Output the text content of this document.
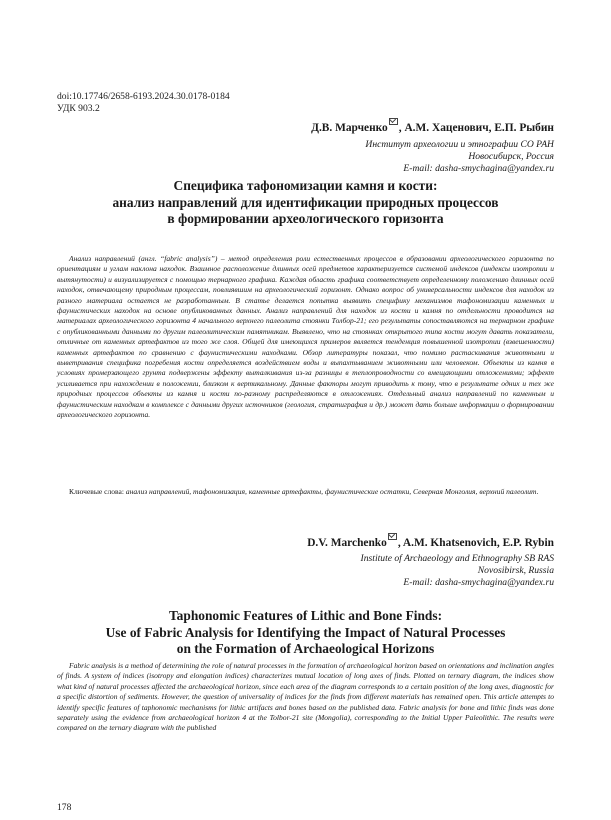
doi:10.17746/2658-6193.2024.30.0178-0184
УДК 903.2
Д.В. Марченко , А.М. Хаценович, Е.П. Рыбин
Институт археологии и этнографии СО РАН
Новосибирск, Россия
E-mail: dasha-smychagina@yandex.ru
Специфика тафономизации камня и кости:
анализ направлений для идентификации природных процессов
в формировании археологического горизонта

Анализ направлений (англ. “fabric analysis”) – метод определения роли естественных процессов в образовании археологического горизонта по ориентациям и углам наклона находок. Взаимное расположение длинных осей предметов характеризуется системой индексов (индексы изотропии и вытянутости) и визуализируется с помощью тернарного графика. Каждая область графика соответствует определенному положению длинных осей находок, отвечающему природным процессам, повлиявшим на археологический горизонт. Однако вопрос об универсальности индексов для находок из разного материала остается не разработанным. В статье делается попытка выявить специфику механизмов тафономизации каменных и фаунистических находок на основе опубликованных данных. Анализ направлений для находок из кости и камня по отдельности проводится на материалах археологического горизонта 4 начального верхнего палеолита стоянки Толбор-21; его результаты сопоставляются на тернарном графике с опубликованными данными по другим палеолитическим памятникам. Выявлено, что на стоянках открытого типа кости могут давать показатели, отличные от каменных артефактов из того же слоя. Общей для имеющихся примеров является тенденция повышенной изотропии (взвешенности) каменных артефактов по сравнению с фаунистическими находками. Обзор литературы показал, что помимо растаскивания животными и выветривания специфика погребения кости определяется воздействием воды и выпахтыванием животными или человеком. Объекты из камня в условиях промерзающего грунта подвержены эффекту выталкивания из-за разницы в теплопроводности со вмещающими отложениями; эффект усиливается при нахождении в положении, близком к вертикальному. Данные факторы могут приводить к тому, что в результате одних и тех же природных процессов объекты из камня и кости по-разному распределяются в отложениях. Отдельный анализ направлений по каменным и фаунистическим находкам в комплексе с данными других источников (геология, стратиграфия и др.) может дать больше информации о формировании археологического горизонта.

Ключевые слова: анализ направлений, тафономизация, каменные артефакты, фаунистические остатки, Северная Монголия, верхний палеолит.

D.V. Marchenko , A.M. Khatsenovich, E.P. Rybin
Institute of Archaeology and Ethnography SB RAS
Novosibirsk, Russia
E-mail: dasha-smychagina@yandex.ru
Taphonomic Features of Lithic and Bone Finds:
Use of Fabric Analysis for Identifying the Impact of Natural Processes
on the Formation of Archaeological Horizons

Fabric analysis is a method of determining the role of natural processes in the formation of archaeological horizon based on orientations and inclination angles of finds. A system of indices (isotropy and elongation indices) characterizes mutual location of long axes of finds. Plotted on ternary diagram, the indices show what kind of natural processes affected the archaeological horizon, since each area of the diagram corresponds to a certain position of the long axes, diagnostic for a specific distortion of sediments. However, the question of universality of indices for the finds from different materials has remained open. This article attempts to identify specific features of taphonomic mechanisms for lithic artifacts and bones based on the published data. Fabric analysis for bone and lithic finds was done separately using the evidence from archaeological horizon 4 at the Tolbor-21 site (Mongolia), corresponding to the Initial Upper Paleolithic. The results were compared on the ternary diagram with the published

178
